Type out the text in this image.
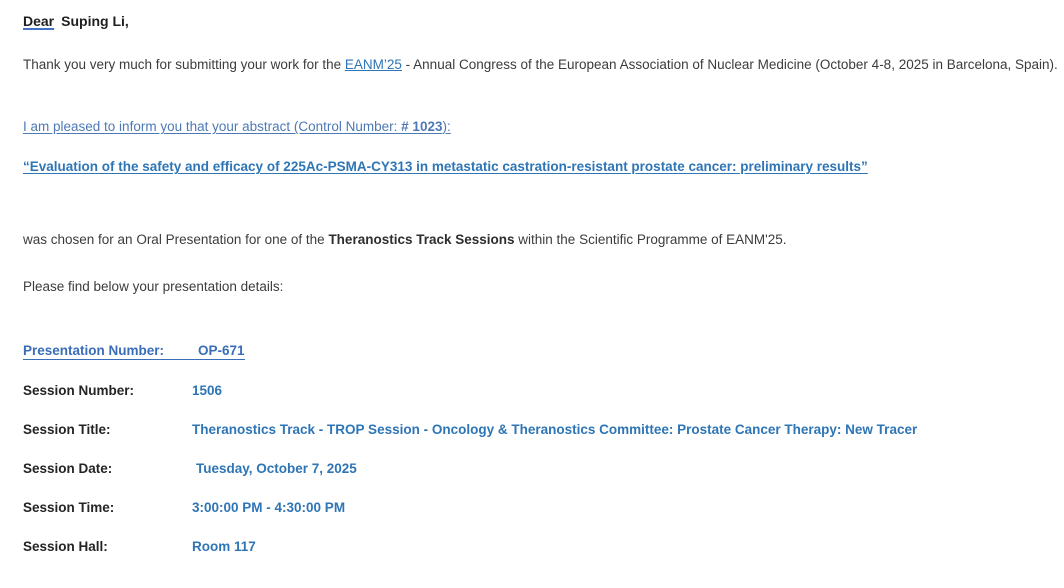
Dear Suping Li,
Thank you very much for submitting your work for the EANM’25 - Annual Congress of the European Association of Nuclear Medicine (October 4-8, 2025 in Barcelona, Spain).
I am pleased to inform you that your abstract (Control Number: # 1023):
“Evaluation of the safety and efficacy of 225Ac-PSMA-CY313 in metastatic castration-resistant prostate cancer: preliminary results”
was chosen for an Oral Presentation for one of the Theranostics Track Sessions within the Scientific Programme of EANM'25.
Please find below your presentation details:
Presentation Number:	OP-671
Session Number:	1506
Session Title:	Theranostics Track - TROP Session - Oncology & Theranostics Committee: Prostate Cancer Therapy: New Tracer
Session Date:	Tuesday, October 7, 2025
Session Time:	3:00:00 PM - 4:30:00 PM
Session Hall:	Room 117
